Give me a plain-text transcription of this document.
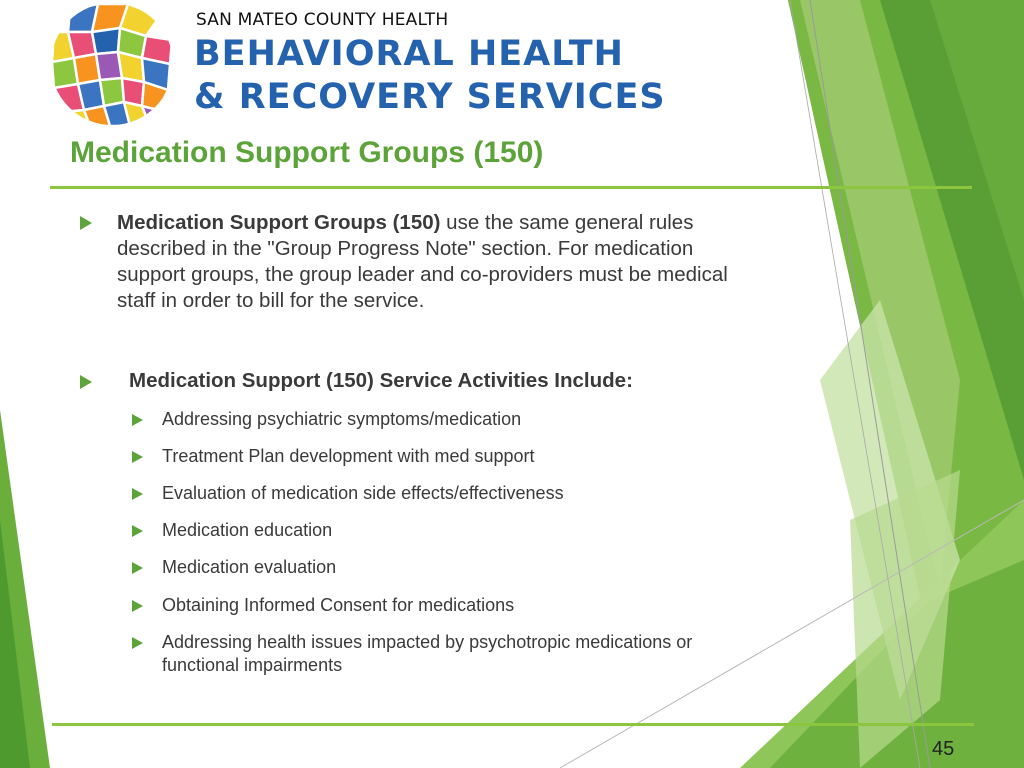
SAN MATEO COUNTY HEALTH
BEHAVIORAL HEALTH
& RECOVERY SERVICES
Medication Support Groups (150)
Medication Support Groups (150) use the same general rules described in the "Group Progress Note" section. For medication support groups, the group leader and co-providers must be medical staff in order to bill for the service.
Medication Support (150) Service Activities Include:
Addressing psychiatric symptoms/medication
Treatment Plan development with med support
Evaluation of medication side effects/effectiveness
Medication education
Medication evaluation
Obtaining Informed Consent for medications
Addressing health issues impacted by psychotropic medications or functional impairments
45
